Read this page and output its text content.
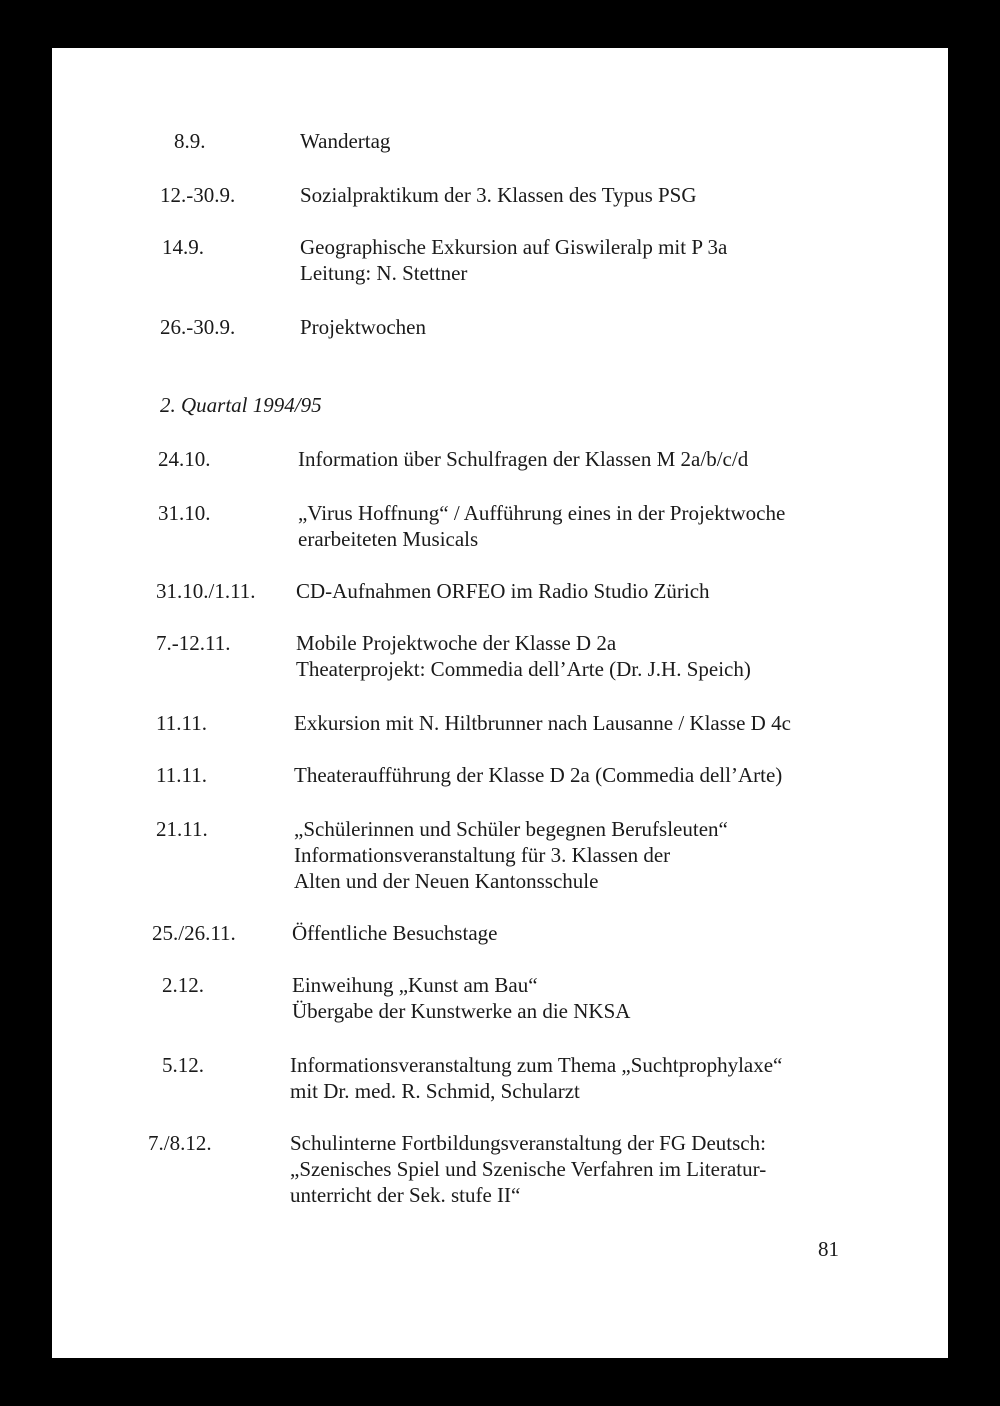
8.9.	Wandertag
12.-30.9.	Sozialpraktikum der 3. Klassen des Typus PSG
14.9.	Geographische Exkursion auf Giswileralp mit P 3a
Leitung: N. Stettner
26.-30.9.	Projektwochen
2. Quartal 1994/95
24.10.	Information über Schulfragen der Klassen M 2a/b/c/d
31.10.	„Virus Hoffnung“ / Aufführung eines in der Projektwoche
erarbeiteten Musicals
31.10./1.11. CD-Aufnahmen ORFEO im Radio Studio Zürich
7.-12.11.	Mobile Projektwoche der Klasse D 2a
Theaterprojekt: Commedia dell’Arte (Dr. J.H. Speich)
11.11.	Exkursion mit N. Hiltbrunner nach Lausanne / Klasse D 4c
11.11.	Theateraufführung der Klasse D 2a (Commedia dell’Arte)
21.11.	„Schülerinnen und Schüler begegnen Berufsleuten“
Informationsveranstaltung für 3. Klassen der
Alten und der Neuen Kantonsschule
25./26.11.	Öffentliche Besuchstage
2.12.	Einweihung „Kunst am Bau“
Übergabe der Kunstwerke an die NKSA
5.12.	Informationsveranstaltung zum Thema „Suchtprophylaxe“
mit Dr. med. R. Schmid, Schularzt
7./8.12.	Schulinterne Fortbildungsveranstaltung der FG Deutsch:
„Szenisches Spiel und Szenische Verfahren im Literatur-
unterricht der Sek. stufe II“
81
